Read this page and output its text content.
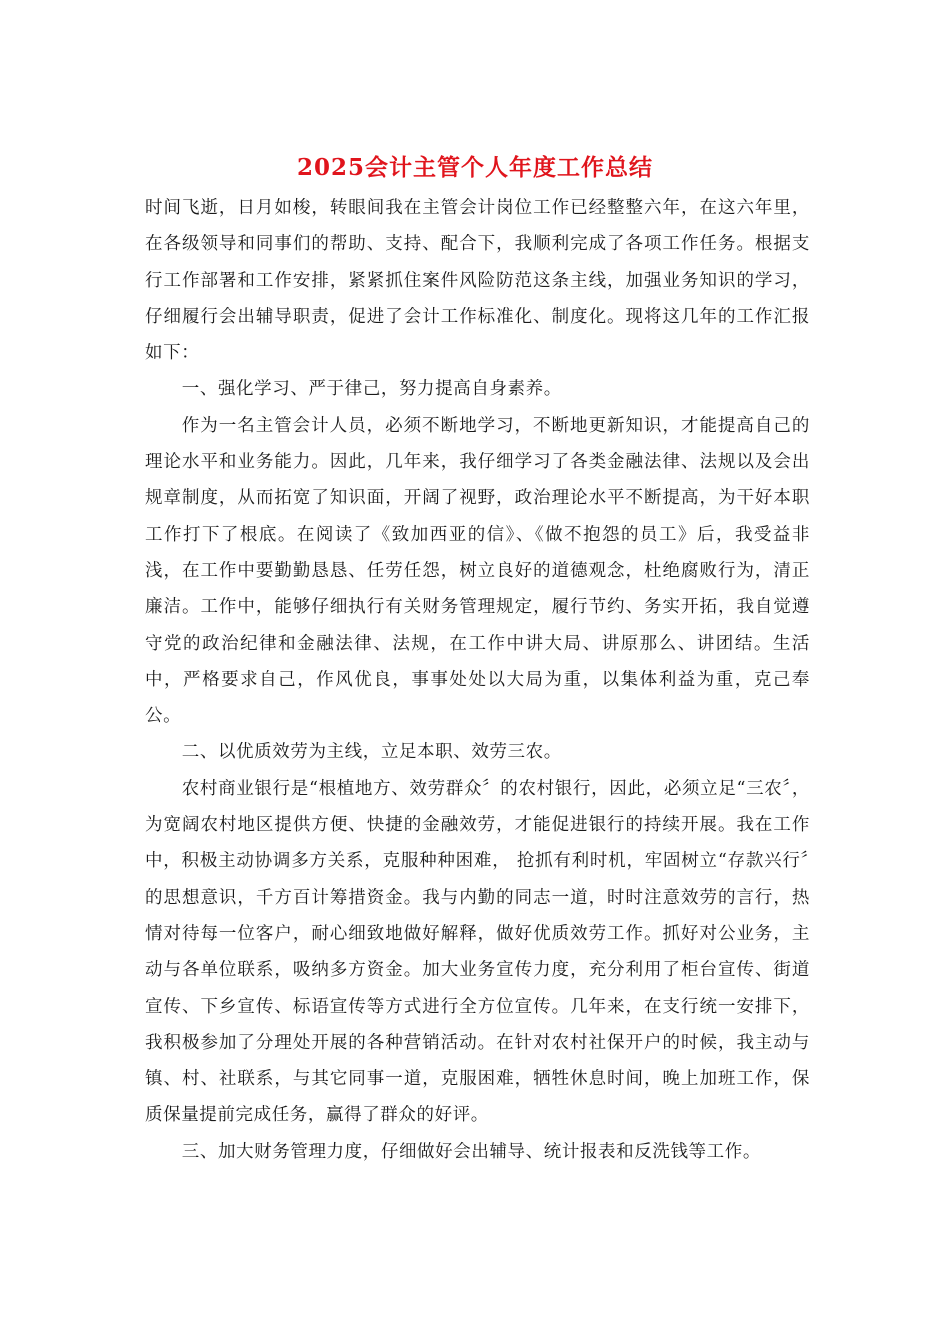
2025会计主管个人年度工作总结

时间飞逝，日月如梭，转眼间我在主管会计岗位工作已经整整六年，在这六年里，在各级领导和同事们的帮助、支持、配合下，我顺利完成了各项工作任务。根据支行工作部署和工作安排，紧紧抓住案件风险防范这条主线，加强业务知识的学习，仔细履行会出辅导职责，促进了会计工作标准化、制度化。现将这几年的工作汇报如下：

一、强化学习、严于律己，努力提高自身素养。

作为一名主管会计人员，必须不断地学习，不断地更新知识，才能提高自己的理论水平和业务能力。因此，几年来，我仔细学习了各类金融法律、法规以及会出规章制度，从而拓宽了知识面，开阔了视野，政治理论水平不断提高，为干好本职工作打下了根底。在阅读了《致加西亚的信》、《做不抱怨的员工》后，我受益非浅，在工作中要勤勤恳恳、任劳任怨，树立良好的道德观念，杜绝腐败行为，清正廉洁。工作中，能够仔细执行有关财务管理规定，履行节约、务实开拓，我自觉遵守党的政治纪律和金融法律、法规，在工作中讲大局、讲原那么、讲团结。生活中，严格要求自己，作风优良，事事处处以大局为重，以集体利益为重，克己奉公。

二、以优质效劳为主线，立足本职、效劳三农。

农村商业银行是“根植地方、效劳群众〞的农村银行，因此，必须立足“三农〞，为宽阔农村地区提供方便、快捷的金融效劳，才能促进银行的持续开展。我在工作中，积极主动协调多方关系，克服种种困难， 抢抓有利时机，牢固树立“存款兴行〞的思想意识，千方百计筹措资金。我与内勤的同志一道，时时注意效劳的言行，热情对待每一位客户，耐心细致地做好解释，做好优质效劳工作。抓好对公业务，主动与各单位联系，吸纳多方资金。加大业务宣传力度，充分利用了柜台宣传、街道宣传、下乡宣传、标语宣传等方式进行全方位宣传。几年来，在支行统一安排下，我积极参加了分理处开展的各种营销活动。在针对农村社保开户的时候，我主动与镇、村、社联系，与其它同事一道，克服困难，牺牲休息时间，晚上加班工作，保质保量提前完成任务，赢得了群众的好评。

三、加大财务管理力度，仔细做好会出辅导、统计报表和反洗钱等工作。
